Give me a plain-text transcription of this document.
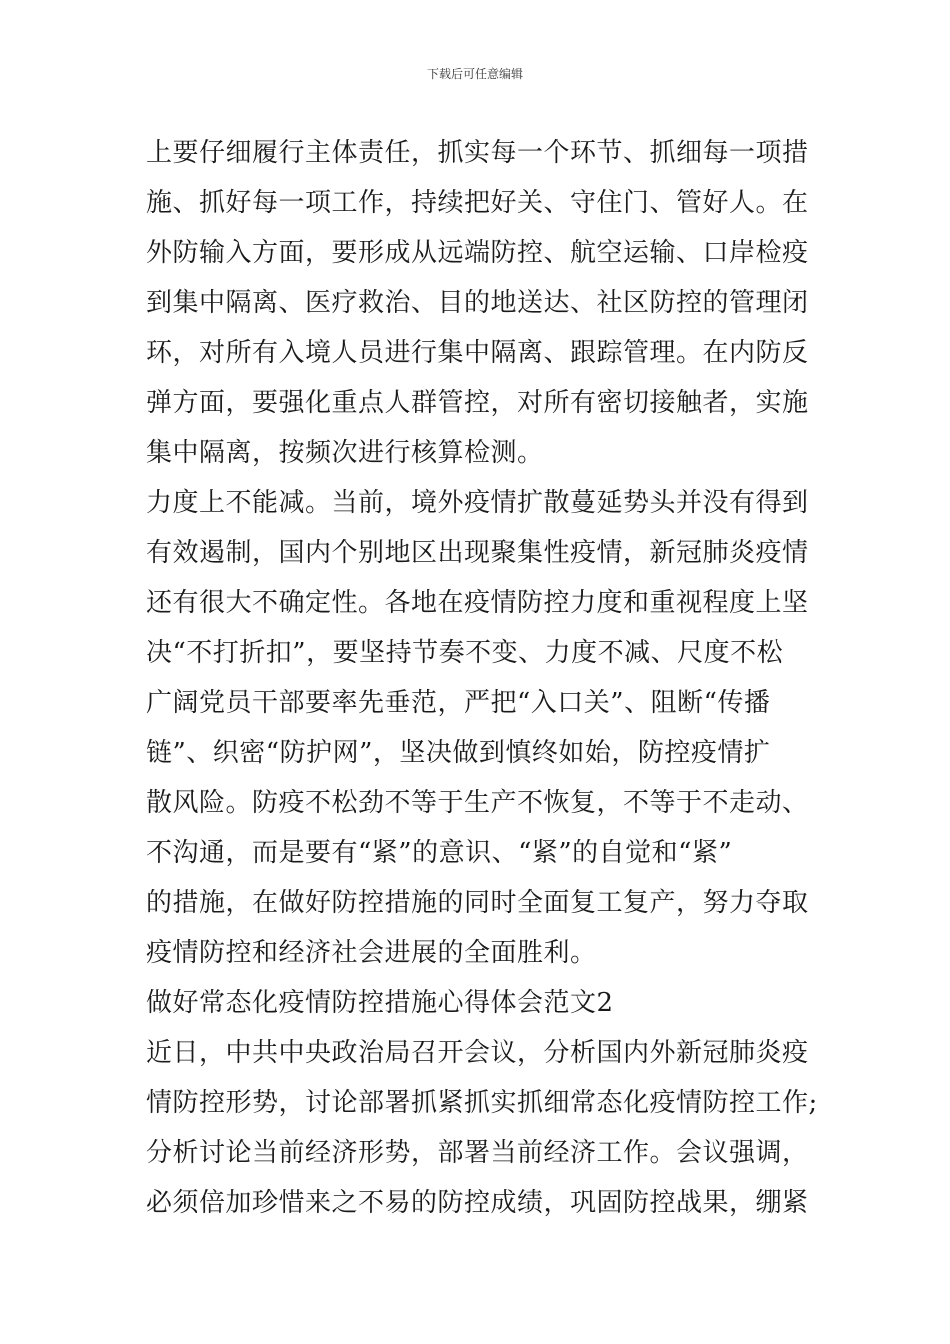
下载后可任意编辑
上要仔细履行主体责任，抓实每一个环节、抓细每一项措
施、抓好每一项工作，持续把好关、守住门、管好人。在
外防输入方面，要形成从远端防控、航空运输、口岸检疫
到集中隔离、医疗救治、目的地送达、社区防控的管理闭
环，对所有入境人员进行集中隔离、跟踪管理。在内防反
弹方面，要强化重点人群管控，对所有密切接触者，实施
集中隔离，按频次进行核算检测。
力度上不能减。当前，境外疫情扩散蔓延势头并没有得到
有效遏制，国内个别地区出现聚集性疫情，新冠肺炎疫情
还有很大不确定性。各地在疫情防控力度和重视程度上坚
决“不打折扣”，要坚持节奏不变、力度不减、尺度不松
广阔党员干部要率先垂范，严把“入口关”、阻断“传播
链”、织密“防护网”，坚决做到慎终如始，防控疫情扩
散风险。防疫不松劲不等于生产不恢复，不等于不走动、
不沟通，而是要有“紧”的意识、“紧”的自觉和“紧”
的措施，在做好防控措施的同时全面复工复产，努力夺取
疫情防控和经济社会进展的全面胜利。
做好常态化疫情防控措施心得体会范文2
近日，中共中央政治局召开会议，分析国内外新冠肺炎疫
情防控形势，讨论部署抓紧抓实抓细常态化疫情防控工作;
分析讨论当前经济形势，部署当前经济工作。会议强调，
必须倍加珍惜来之不易的防控成绩，巩固防控战果，绷紧
